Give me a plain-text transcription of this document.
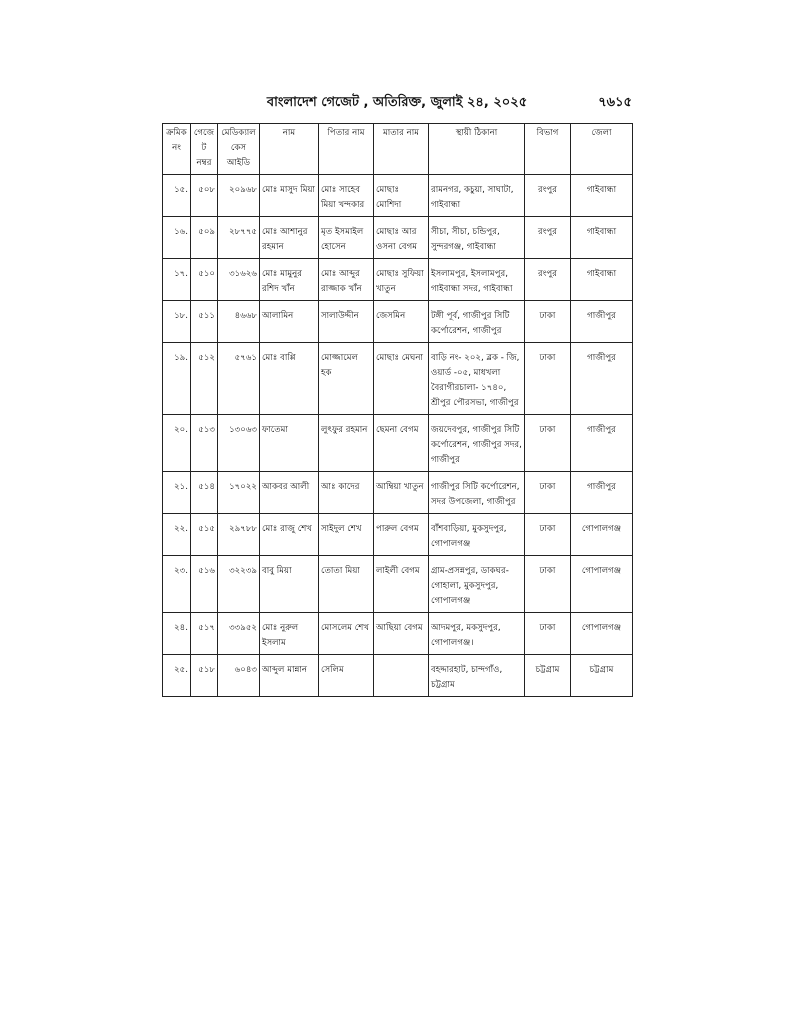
বাংলাদেশ গেজেট , অতিরিক্ত, জুলাই ২৪, ২০২৫	৭৬১৫
ক্রমিক নং	গেজেট নম্বর	মেডিক্যাল কেস আইডি	নাম	পিতার নাম	মাতার নাম	স্থায়ী ঠিকানা	বিভাগ	জেলা
১৫.	৫০৮	২০৯৬৮	মোঃ মাসুদ মিয়া	মোঃ সাহেব মিয়া খন্দকার	মোছাঃ মোশিদা	রামনগর, কচুয়া, সাঘাটা, গাইবান্ধা	রংপুর	গাইবান্ধা
১৬.	৫০৯	২৮৭৭৫	মোঃ আশানুর রহমান	মৃত ইসমাইল হোসেন	মোছাঃ আর ওসনা বেগম	সীচা, সীচা, চন্ডিপুর, সুন্দরগঞ্জ, গাইবান্ধা	রংপুর	গাইবান্ধা
১৭.	৫১০	৩১৬২৬	মোঃ মামুনুর রশিদ খাঁন	মোঃ আব্দুর রাজ্জাক খাঁন	মোছাঃ সুফিয়া খাতুন	ইসলামপুর, ইসলামপুর, গাইবান্ধা সদর, গাইবান্ধা	রংপুর	গাইবান্ধা
১৮.	৫১১	৪৬৬৮	আলামিন	সালাউদ্দীন	জেসমিন	টঙ্গী পূর্ব, গাজীপুর সিটি কর্পোরেশন, গাজীপুর	ঢাকা	গাজীপুর
১৯.	৫১২	৫৭৬১	মোঃ বাপ্পি	মোজ্জামেল হক	মোছাঃ মেঘনা	বাড়ি নং- ২০২, ব্লক - জি, ওয়ার্ড -০৫, মাধখলা বৈরাগীরচালা- ১৭৪০, শ্রীপুর পৌরসভা, গাজীপুর	ঢাকা	গাজীপুর
২০.	৫১৩	১৩০৬৩	ফাতেমা	লুৎফুর রহমান	ছেমনা বেগম	জয়দেবপুর, গাজীপুর সিটি কর্পোরেশন, গাজীপুর সদর, গাজীপুর	ঢাকা	গাজীপুর
২১.	৫১৪	১৭০২২	আকবর আলী	আঃ কাদের	আম্বিয়া খাতুন	গাজীপুর সিটি কর্পোরেশন, সদর উপজেলা, গাজীপুর	ঢাকা	গাজীপুর
২২.	৫১৫	২৯৭৮৮	মোঃ রাজু শেখ	সাইদুল শেখ	পারুল বেগম	বাঁশবাড়িয়া, মুকসুদপুর, গোপালগঞ্জ	ঢাকা	গোপালগঞ্জ
২৩.	৫১৬	৩২২৩৯	বাবু মিয়া	তোতা মিয়া	লাইলী বেগম	গ্রাম-প্রসন্নপুর, ডাকঘর-গোহালা, মুকসুদপুর, গোপালগঞ্জ	ঢাকা	গোপালগঞ্জ
২৪.	৫১৭	৩৩৯৫২	মোঃ নুরুল ইসলাম	মোসলেম শেখ	আছিয়া বেগম	আদমপুর, মকসুদপুর, গোপালগঞ্জ।	ঢাকা	গোপালগঞ্জ
২৫.	৫১৮	৬০৪৩	আব্দুল মান্নান	সেলিম		বহদ্দারহাট, চান্দগাঁও, চট্টগ্রাম	চট্টগ্রাম	চট্টগ্রাম
